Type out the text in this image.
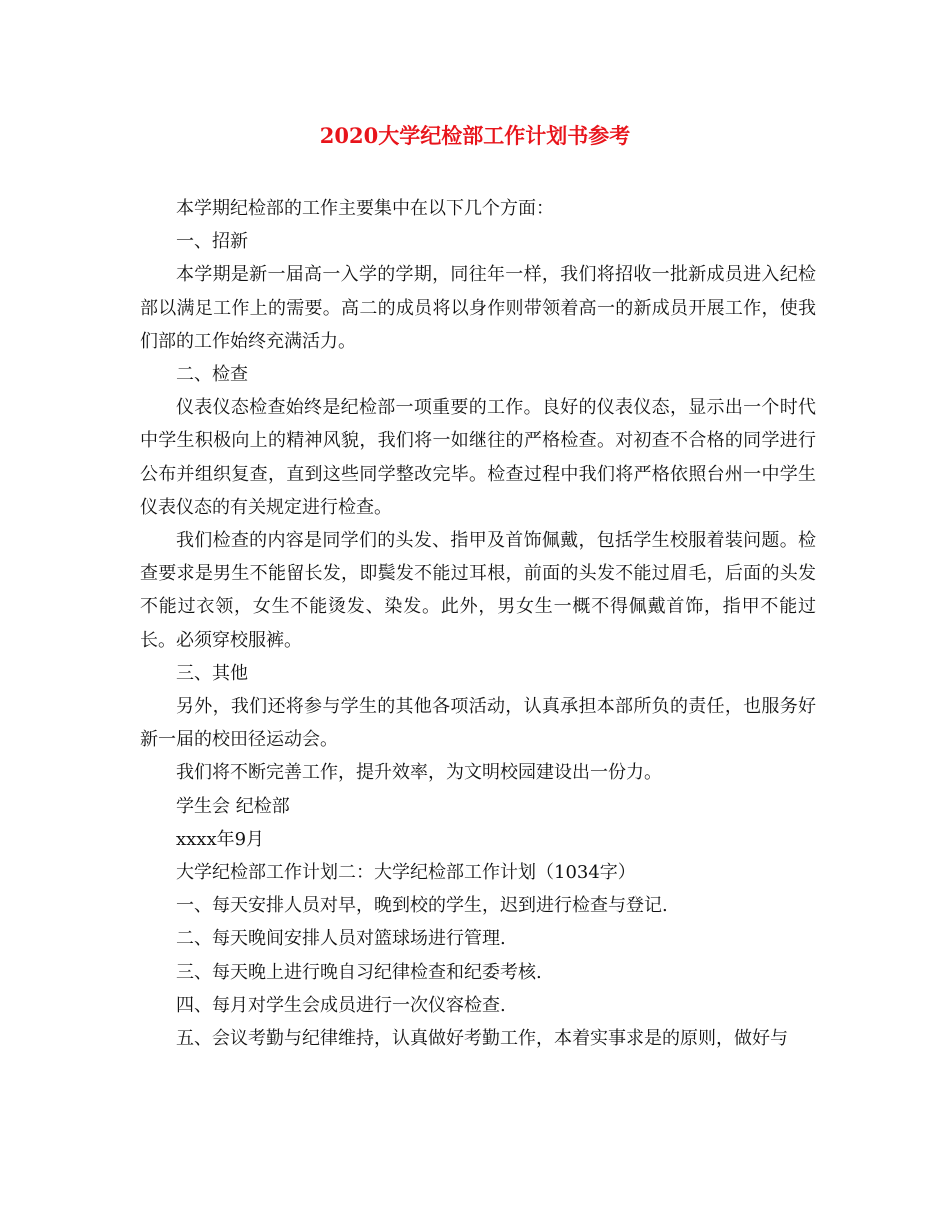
2020大学纪检部工作计划书参考

本学期纪检部的工作主要集中在以下几个方面：

一、招新

本学期是新一届高一入学的学期，同往年一样，我们将招收一批新成员进入纪检部以满足工作上的需要。高二的成员将以身作则带领着高一的新成员开展工作，使我们部的工作始终充满活力。

二、检查

仪表仪态检查始终是纪检部一项重要的工作。良好的仪表仪态，显示出一个时代中学生积极向上的精神风貌，我们将一如继往的严格检查。对初查不合格的同学进行公布并组织复查，直到这些同学整改完毕。检查过程中我们将严格依照台州一中学生仪表仪态的有关规定进行检查。

我们检查的内容是同学们的头发、指甲及首饰佩戴，包括学生校服着装问题。检查要求是男生不能留长发，即鬓发不能过耳根，前面的头发不能过眉毛，后面的头发不能过衣领，女生不能烫发、染发。此外，男女生一概不得佩戴首饰，指甲不能过长。必须穿校服裤。

三、其他

另外，我们还将参与学生的其他各项活动，认真承担本部所负的责任，也服务好新一届的校田径运动会。

我们将不断完善工作，提升效率，为文明校园建设出一份力。

学生会 纪检部

xxxx年9月

大学纪检部工作计划二：大学纪检部工作计划（1034字）

一、每天安排人员对早，晚到校的学生，迟到进行检查与登记.

二、每天晚间安排人员对篮球场进行管理.

三、每天晚上进行晚自习纪律检查和纪委考核.

四、每月对学生会成员进行一次仪容检查.

五、会议考勤与纪律维持，认真做好考勤工作，本着实事求是的原则，做好与
